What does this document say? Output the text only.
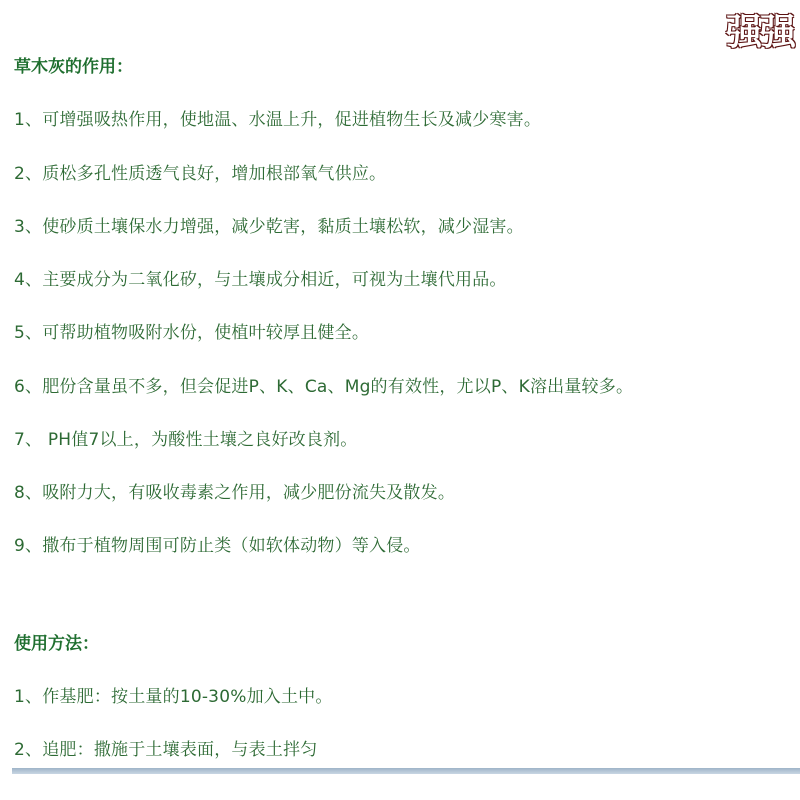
强强
草木灰的作用：
1、可增强吸热作用，使地温、水温上升，促进植物生长及减少寒害。
2、质松多孔性质透气良好，增加根部氧气供应。
3、使砂质土壤保水力增强，减少乾害，黏质土壤松软，减少湿害。
4、主要成分为二氧化矽，与土壤成分相近，可视为土壤代用品。
5、可帮助植物吸附水份，使植叶较厚且健全。
6、肥份含量虽不多，但会促进P、K、Ca、Mg的有效性，尤以P、K溶出量较多。
7、 PH值7以上，为酸性土壤之良好改良剂。
8、吸附力大，有吸收毒素之作用，减少肥份流失及散发。
9、撒布于植物周围可防止类（如软体动物）等入侵。
使用方法：
1、作基肥：按土量的10-30%加入土中。
2、追肥：撒施于土壤表面，与表土拌匀
